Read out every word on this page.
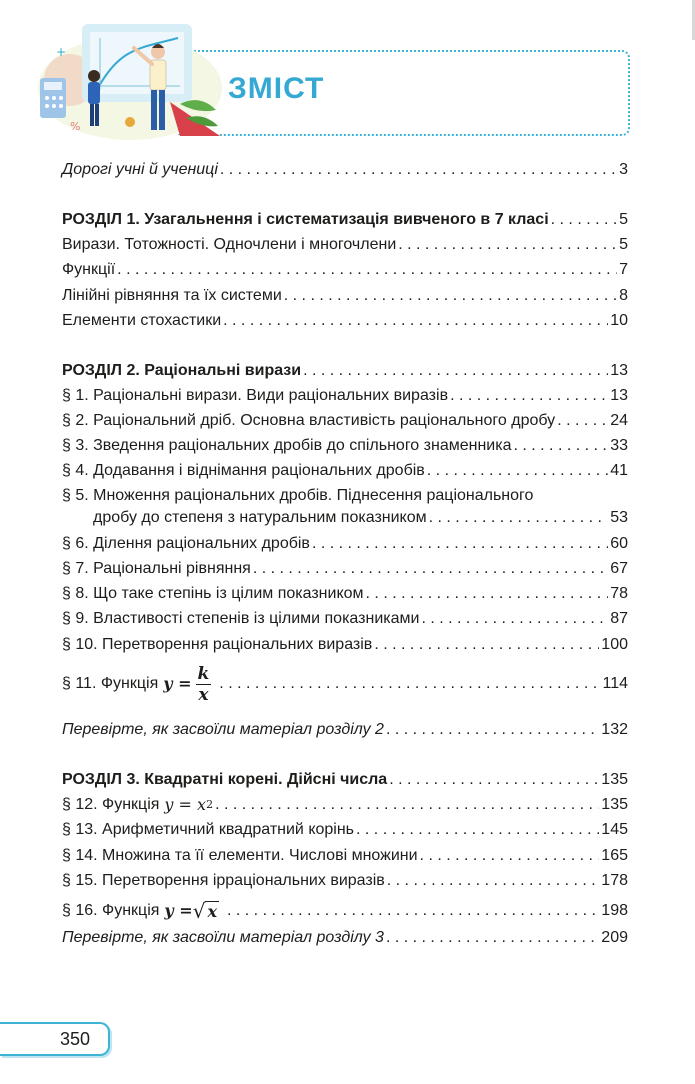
+
%
ЗМІСТ
Дорогі учні й учениці . . .	3
РОЗДІЛ 1. Узагальнення і систематизація вивченого в 7 класі . . .	5
Вирази. Тотожності. Одночлени і многочлени . . .	5
Функції . . .	7
Лінійні рівняння та їх системи . . .	8
Елементи стохастики . . .	10
РОЗДІЛ 2. Раціональні вирази . . .	13
§ 1. Раціональні вирази. Види раціональних виразів . . .	13
§ 2. Раціональний дріб. Основна властивість раціонального дробу . . .	24
§ 3. Зведення раціональних дробів до спільного знаменника . . .	33
§ 4. Додавання і віднімання раціональних дробів . . .	41
§ 5. Множення раціональних дробів. Піднесення раціонального
дробу до степеня з натуральним показником . . .	53
§ 6. Ділення раціональних дробів . . .	60
§ 7. Раціональні рівняння . . .	67
§ 8. Що таке степінь із цілим показником . . .	78
§ 9. Властивості степенів із цілими показниками . . .	87
§ 10. Перетворення раціональних виразів . . .	100
§ 11. Функція $y = \frac{k}{x}$ . . .	114
Перевірте, як засвоїли матеріал розділу 2 . . .	132
РОЗДІЛ 3. Квадратні корені. Дійсні числа . . .	135
§ 12. Функція y = x 2 . . .	135
§ 13. Арифметичний квадратний корінь . . .	145
§ 14. Множина та її елементи. Числові множини . . .	165
§ 15. Перетворення ірраціональних виразів . . .	178
§ 16. Функція y = √ x . . .	198
Перевірте, як засвоїли матеріал розділу 3 . . .	209
350
